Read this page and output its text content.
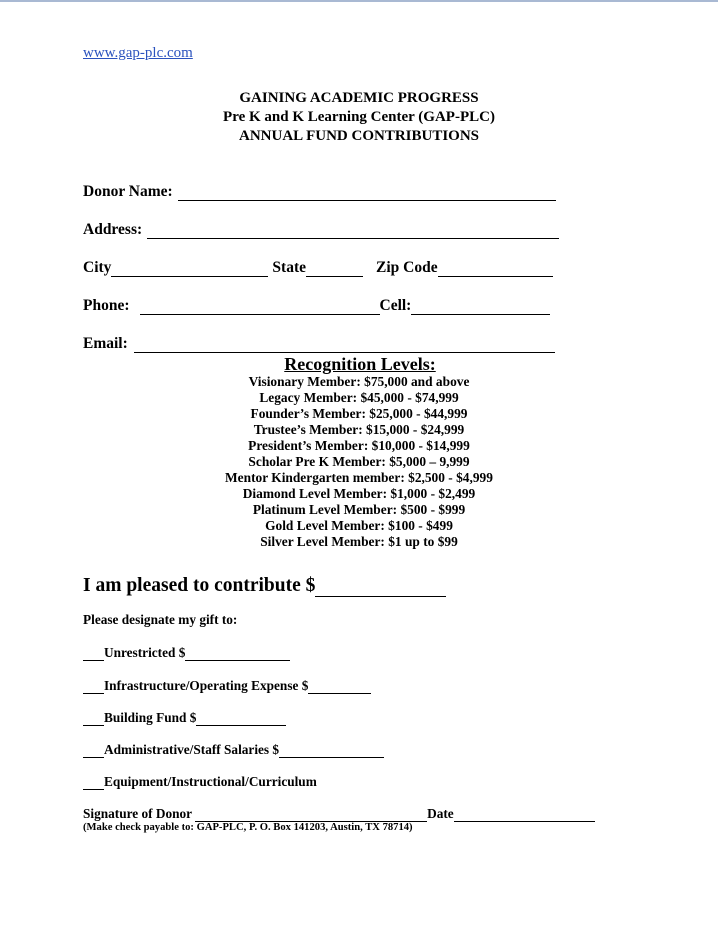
www.gap-plc.com
GAINING ACADEMIC PROGRESS
Pre K and K Learning Center (GAP-PLC)
ANNUAL FUND CONTRIBUTIONS
Donor Name:
Address:
City	State	Zip Code
Phone:	Cell:
Email:
Recognition Levels:
Visionary Member: $75,000 and above
Legacy Member: $45,000 - $74,999
Founder’s Member: $25,000 - $44,999
Trustee’s Member: $15,000 - $24,999
President’s Member: $10,000 - $14,999
Scholar Pre K Member: $5,000 – 9,999
Mentor Kindergarten member: $2,500 - $4,999
Diamond Level Member: $1,000 - $2,499
Platinum Level Member: $500 - $999
Gold Level Member: $100 - $499
Silver Level Member: $1 up to $99
I am pleased to contribute $
Please designate my gift to:
Unrestricted $
Infrastructure/Operating Expense $
Building Fund $
Administrative/Staff Salaries $
Equipment/Instructional/Curriculum
Signature of Donor	Date
(Make check payable to: GAP-PLC, P. O. Box 141203, Austin, TX 78714)
